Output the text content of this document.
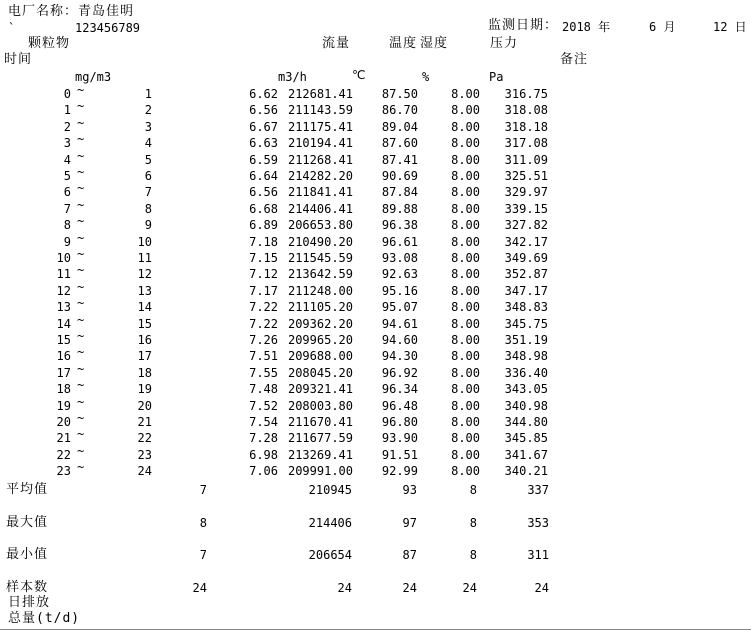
电厂名称：青岛佳明
`	123456789	监测日期： 2018 年	6 月	12 日
颗粒物	流量	温度 湿度	压力
时间	备注
mg/m3	m3/h	℃	%	Pa
0 ~	1	6.62 212681.41 87.50	8.00 316.75
1 ~	2	6.56 211143.59 86.70	8.00 318.08
2 ~	3	6.67 211175.41 89.04	8.00 318.18
3 ~	4	6.63 210194.41 87.60	8.00 317.08
4 ~	5	6.59 211268.41 87.41	8.00 311.09
5 ~	6	6.64 214282.20 90.69	8.00 325.51
6 ~	7	6.56 211841.41 87.84	8.00 329.97
7 ~	8	6.68 214406.41 89.88	8.00 339.15
8 ~	9	6.89 206653.80 96.38	8.00 327.82
9 ~	10	7.18 210490.20 96.61	8.00 342.17
10 ~	11	7.15 211545.59 93.08	8.00 349.69
11 ~	12	7.12 213642.59 92.63	8.00 352.87
12 ~	13	7.17 211248.00 95.16	8.00 347.17
13 ~	14	7.22 211105.20 95.07	8.00 348.83
14 ~	15	7.22 209362.20 94.61	8.00 345.75
15 ~	16	7.26 209965.20 94.60	8.00 351.19
16 ~	17	7.51 209688.00 94.30	8.00 348.98
17 ~	18	7.55 208045.20 96.92	8.00 336.40
18 ~	19	7.48 209321.41 96.34	8.00 343.05
19 ~	20	7.52 208003.80 96.48	8.00 340.98
20 ~	21	7.54 211670.41 96.80	8.00 344.80
21 ~	22	7.28 211677.59 93.90	8.00 345.85
22 ~	23	6.98 213269.41 91.51	8.00 341.67
23 ~	24	7.06 209991.00 92.99	8.00 340.21
平均值	7	210945	93	8	337
最大值	8	214406	97	8	353
最小值	7	206654	87	8	311
样本数	24	24	24	24	24
日排放
总量(t/d)
